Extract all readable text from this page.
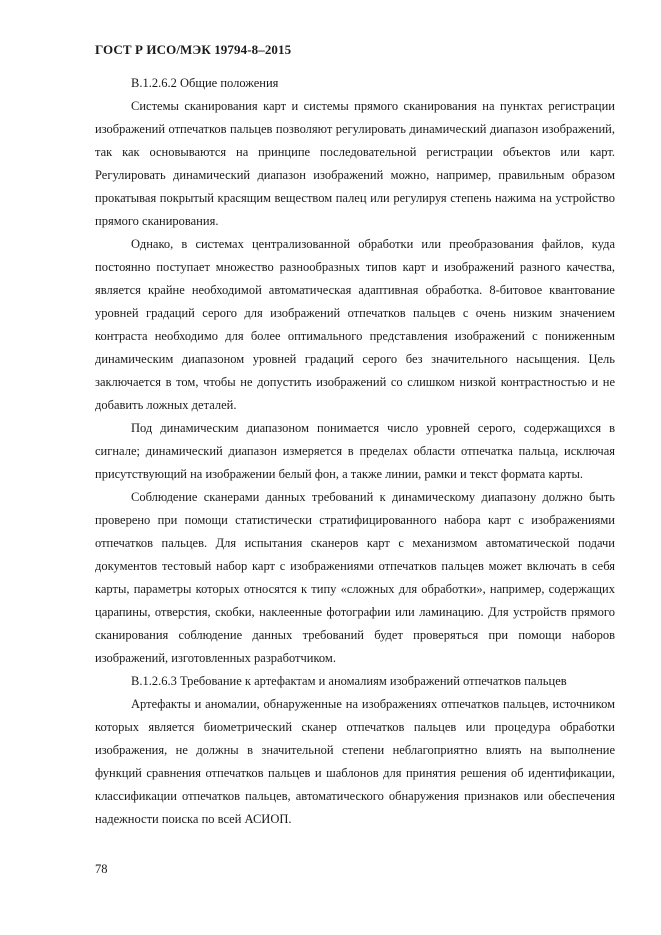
ГОСТ Р ИСО/МЭК 19794-8–2015

В.1.2.6.2 Общие положения

Системы сканирования карт и системы прямого сканирования на пунктах регистрации изображений отпечатков пальцев позволяют регулировать динамический диапазон изображений, так как основываются на принципе последовательной регистрации объектов или карт. Регулировать динамический диапазон изображений можно, например, правильным образом прокатывая покрытый красящим веществом палец или регулируя степень нажима на устройство прямого сканирования.

Однако, в системах централизованной обработки или преобразования файлов, куда постоянно поступает множество разнообразных типов карт и изображений разного качества, является крайне необходимой автоматическая адаптивная обработка. 8-битовое квантование уровней градаций серого для изображений отпечатков пальцев с очень низким значением контраста необходимо для более оптимального представления изображений с пониженным динамическим диапазоном уровней градаций серого без значительного насыщения. Цель заключается в том, чтобы не допустить изображений со слишком низкой контрастностью и не добавить ложных деталей.

Под динамическим диапазоном понимается число уровней серого, содержащихся в сигнале; динамический диапазон измеряется в пределах области отпечатка пальца, исключая присутствующий на изображении белый фон, а также линии, рамки и текст формата карты.

Соблюдение сканерами данных требований к динамическому диапазону должно быть проверено при помощи статистически стратифицированного набора карт с изображениями отпечатков пальцев. Для испытания сканеров карт с механизмом автоматической подачи документов тестовый набор карт с изображениями отпечатков пальцев может включать в себя карты, параметры которых относятся к типу «сложных для обработки», например, содержащих царапины, отверстия, скобки, наклеенные фотографии или ламинацию. Для устройств прямого сканирования соблюдение данных требований будет проверяться при помощи наборов изображений, изготовленных разработчиком.

В.1.2.6.3 Требование к артефактам и аномалиям изображений отпечатков пальцев

Артефакты и аномалии, обнаруженные на изображениях отпечатков пальцев, источником которых является биометрический сканер отпечатков пальцев или процедура обработки изображения, не должны в значительной степени неблагоприятно влиять на выполнение функций сравнения отпечатков пальцев и шаблонов для принятия решения об идентификации, классификации отпечатков пальцев, автоматического обнаружения признаков или обеспечения надежности поиска по всей АСИОП.

78
